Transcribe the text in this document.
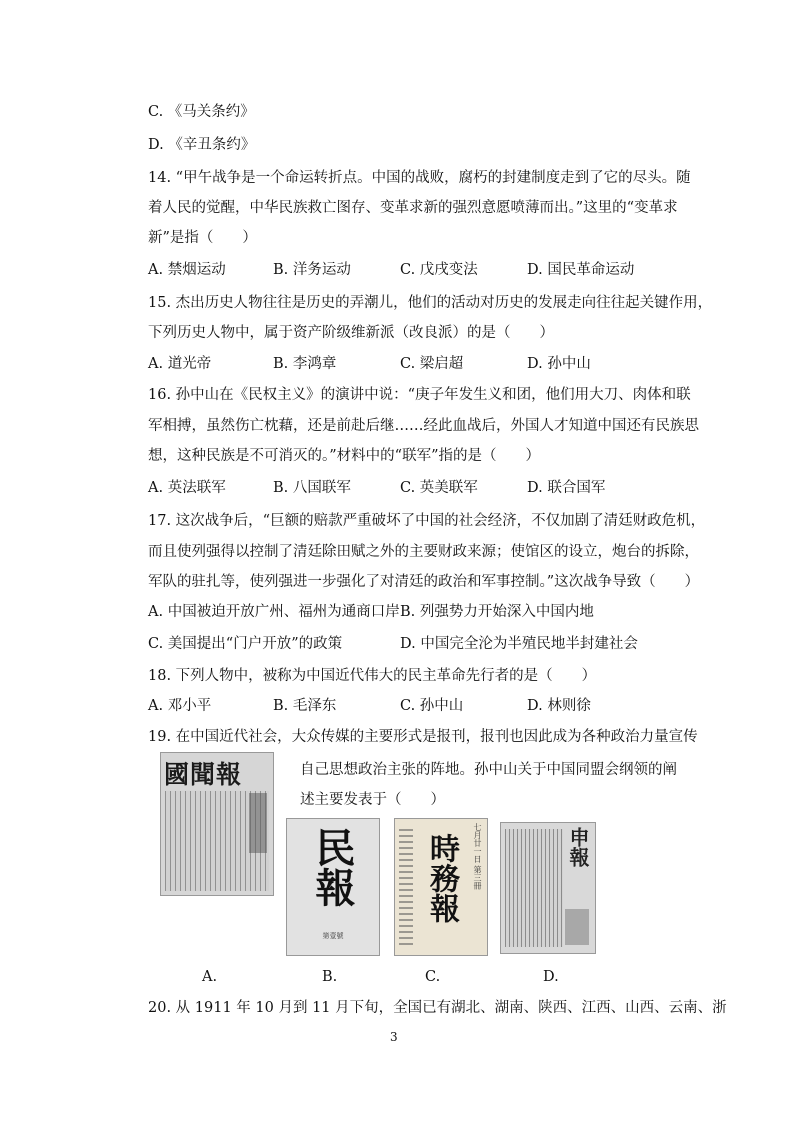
C. 《马关条约》
D. 《辛丑条约》
14. “甲午战争是一个命运转折点。中国的战败，腐朽的封建制度走到了它的尽头。随
着人民的觉醒，中华民族救亡图存、变革求新的强烈意愿喷薄而出。”这里的“变革求
新”是指（　　）
A. 禁烟运动	B. 洋务运动	C. 戊戌变法	D. 国民革命运动
15. 杰出历史人物往往是历史的弄潮儿，他们的活动对历史的发展走向往往起关键作用，
下列历史人物中，属于资产阶级维新派（改良派）的是（　　）
A. 道光帝	B. 李鸿章	C. 梁启超	D. 孙中山
16. 孙中山在《民权主义》的演讲中说：“庚子年发生义和团，他们用大刀、肉体和联
军相搏，虽然伤亡枕藉，还是前赴后继……经此血战后，外国人才知道中国还有民族思
想，这种民族是不可消灭的。”材料中的“联军”指的是（　　）
A. 英法联军	B. 八国联军	C. 英美联军	D. 联合国军
17. 这次战争后，“巨额的赔款严重破坏了中国的社会经济，不仅加剧了清廷财政危机，
而且使列强得以控制了清廷除田赋之外的主要财政来源；使馆区的设立，炮台的拆除，
军队的驻扎等，使列强进一步强化了对清廷的政治和军事控制。”这次战争导致（　　）
A. 中国被迫开放广州、福州为通商口岸 B. 列强势力开始深入中国内地
C. 美国提出“门户开放”的政策	D. 中国完全沦为半殖民地半封建社会
18. 下列人物中，被称为中国近代伟大的民主革命先行者的是（　　）
A. 邓小平	B. 毛泽东	C. 孙中山	D. 林则徐
19. 在中国近代社会，大众传媒的主要形式是报刊，报刊也因此成为各种政治力量宣传
自己思想政治主张的阵地。孙中山关于中国同盟会纲领的阐
述主要发表于（　　）
國聞報
民報
第壹號
七月廿一日 第三冊
時務報	申報
A.	B.	C.	D.
20. 从 1911 年 10 月到 11 月下旬，全国已有湖北、湖南、陕西、江西、山西、云南、浙
3
